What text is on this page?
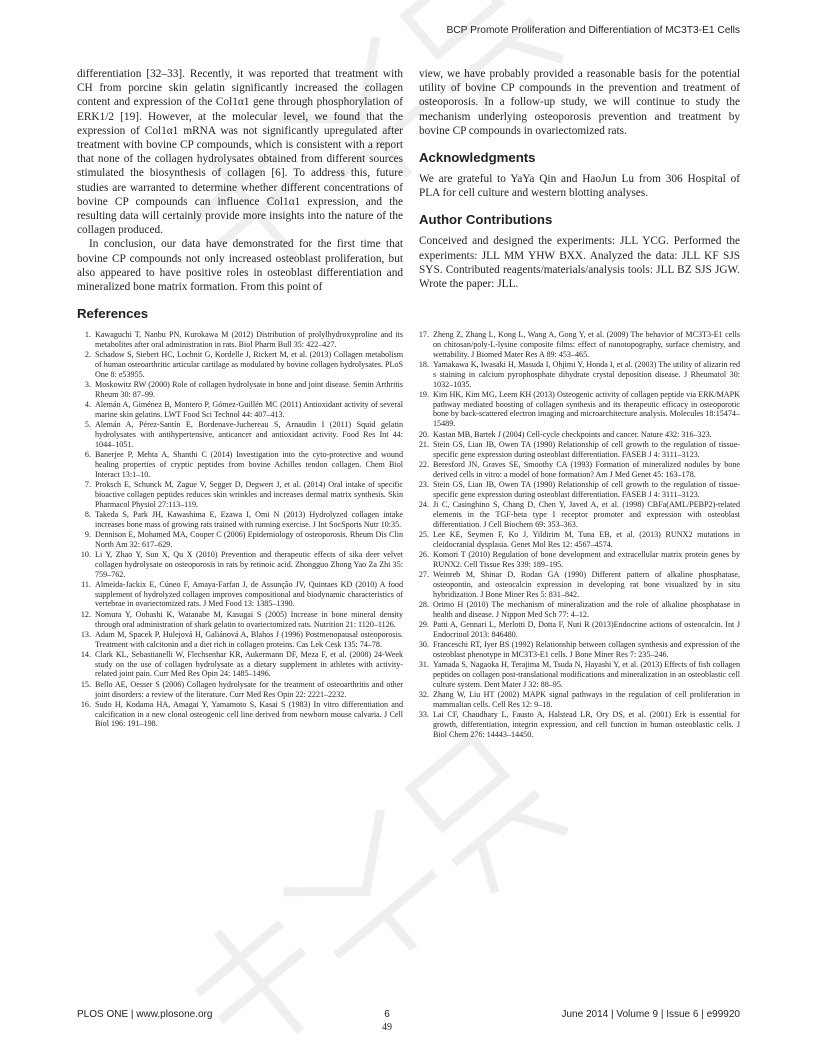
BCP Promote Proliferation and Differentiation of MC3T3-E1 Cells

differentiation [32–33]. Recently, it was reported that treatment with CH from porcine skin gelatin significantly increased the collagen content and expression of the Col1α1 gene through phosphorylation of ERK1/2 [19]. However, at the molecular level, we found that the expression of Col1α1 mRNA was not significantly upregulated after treatment with bovine CP compounds, which is consistent with a report that none of the collagen hydrolysates obtained from different sources stimulated the biosynthesis of collagen [6]. To address this, future studies are warranted to determine whether different concentrations of bovine CP compounds can influence Col1α1 expression, and the resulting data will certainly provide more insights into the nature of the collagen produced.

In conclusion, our data have demonstrated for the first time that bovine CP compounds not only increased osteoblast proliferation, but also appeared to have positive roles in osteoblast differentiation and mineralized bone matrix formation. From this point of

view, we have probably provided a reasonable basis for the potential utility of bovine CP compounds in the prevention and treatment of osteoporosis. In a follow-up study, we will continue to study the mechanism underlying osteoporosis prevention and treatment by bovine CP compounds in ovariectomized rats.

Acknowledgments

We are grateful to YaYa Qin and HaoJun Lu from 306 Hospital of PLA for cell culture and western blotting analyses.

Author Contributions

Conceived and designed the experiments: JLL YCG. Performed the experiments: JLL MM YHW BXX. Analyzed the data: JLL KF SJS SYS. Contributed reagents/materials/analysis tools: JLL BZ SJS JGW. Wrote the paper: JLL.

References
1. Kawaguchi T, Nanbu PN, Kurokawa M (2012) Distribution of prolylhydroxyproline and its metabolites after oral administration in rats. Biol Pharm Bull 35: 422–427.
2. Schadow S, Siebert HC, Lochnit G, Kordelle J, Rickert M, et al. (2013) Collagen metabolism of human osteoarthritic articular cartilage as modulated by bovine collagen hydrolysates. PLoS One 8: e53955.
3. Moskowitz RW (2000) Role of collagen hydrolysate in bone and joint disease. Semin Arthritis Rheum 30: 87–99.
4. Alemán A, Giménez B, Montero P, Gómez-Guillén MC (2011) Antioxidant activity of several marine skin gelatins. LWT Food Sci Technol 44: 407–413.
5. Alemán A, Pérez-Santín E, Bordenave-Juchereau S, Arnaudin I (2011) Squid gelatin hydrolysates with antihypertensive, anticancer and antioxidant activity. Food Res Int 44: 1044–1051.
6. Banerjee P, Mehta A, Shanthi C (2014) Investigation into the cyto-protective and wound healing properties of cryptic peptides from bovine Achilles tendon collagen. Chem Biol Interact 13:1–10.
7. Proksch E, Schunck M, Zague V, Segger D, Degwert J, et al. (2014) Oral intake of specific bioactive collagen peptides reduces skin wrinkles and increases dermal matrix synthesis. Skin Pharmacol Physiol 27:113–119.
8. Takeda S, Park JH, Kawashima E, Ezawa I, Omi N (2013) Hydrolyzed collagen intake increases bone mass of growing rats trained with running exercise. J Int SocSports Nutr 10:35.
9. Dennison E, Mohamed MA, Cooper C (2006) Epidemiology of osteoporosis. Rheum Dis Clin North Am 32: 617–629.
10. Li Y, Zhao Y, Sun X, Qu X (2010) Prevention and therapeutic effects of sika deer velvet collagen hydrolysate on osteoporosis in rats by retinoic acid. Zhongguo Zhong Yao Za Zhi 35: 759–762.
11. Almeida-Jackix E, Cúneo F, Amaya-Farfan J, de Assunção JV, Quintaes KD (2010) A food supplement of hydrolyzed collagen improves compositional and biodynamic characteristics of vertebrae in ovariectomized rats. J Med Food 13: 1385–1390.
12. Nomura Y, Oohashi K, Watanabe M, Kasugai S (2005) Increase in bone mineral density through oral administration of shark gelatin to ovariectomized rats. Nutrition 21: 1120–1126.
13. Adam M, Spacek P, Hulejová H, Galiánová A, Blahos J (1996) Postmenopausal osteoporosis. Treatment with calcitonin and a diet rich in collagen proteins. Cas Lek Cesk 135: 74–78.
14. Clark KL, Sebastianelli W, Flechsenhar KR, Aukermann DF, Meza F, et al. (2008) 24-Week study on the use of collagen hydrolysate as a dietary supplement in athletes with activity-related joint pain. Curr Med Res Opin 24: 1485–1496.
15. Bello AE, Oesser S (2006) Collagen hydrolysate for the treatment of osteoarthritis and other joint disorders: a review of the literature. Curr Med Res Opin 22: 2221–2232.
16. Sudo H, Kodama HA, Amagai Y, Yamamoto S, Kasai S (1983) In vitro differentiation and calcification in a new clonal osteogenic cell line derived from newborn mouse calvaria. J Cell Biol 196: 191–198.
17. Zheng Z, Zhang L, Kong L, Wang A, Gong Y, et al. (2009) The behavior of MC3T3-E1 cells on chitosan/poly-L-lysine composite films: effect of nanotopography, surface chemistry, and wettability. J Biomed Mater Res A 89: 453–465.
18. Yamakawa K, Iwasaki H, Masuda I, Ohjimi Y, Honda I, et al. (2003) The utility of alizarin red s staining in calcium pyrophosphate dihydrate crystal deposition disease. J Rheumatol 30: 1032–1035.
19. Kim HK, Kim MG, Leem KH (2013) Osteogenic activity of collagen peptide via ERK/MAPK pathway mediated boosting of collagen synthesis and its therapeutic efficacy in osteoporotic bone by back-scattered electron imaging and microarchitecture analysis. Molecules 18:15474– 15489.
20. Kastan MB, Bartek J (2004) Cell-cycle checkpoints and cancer. Nature 432: 316–323.
21. Stein GS, Lian JB, Owen TA (1990) Relationship of cell growth to the regulation of tissue-specific gene expression during osteoblast differentiation. FASEB J 4: 3111–3123.
22. Beresford JN, Graves SE, Smoothy CA (1993) Formation of mineralized nodules by bone derived cells in vitro: a model of bone formation? Am J Med Genet 45: 163–178.
23. Stein GS, Lian JB, Owen TA (1990) Relationship of cell growth to the regulation of tissue-specific gene expression during osteoblast differentiation. FASEB J 4: 3111–3123.
24. Ji C, Casinghino S, Chang D, Chen Y, Javed A, et al. (1998) CBFa(AML/PEBP2)-related elements in the TGF-beta type I receptor promoter and expression with osteoblast differentiation. J Cell Biochem 69: 353–363.
25. Lee KE, Seymen F, Ko J, Yildirim M, Tuna EB, et al. (2013) RUNX2 mutations in cleidocranial dysplasia. Genet Mol Res 12: 4567–4574.
26. Komori T (2010) Regulation of bone development and extracellular matrix protein genes by RUNX2. Cell Tissue Res 339: 189–195.
27. Weinreb M, Shinar D, Rodan GA (1990) Different pattern of alkaline phosphatase, osteopontin, and osteocalcin expression in developing rat bone visualized by in situ hybridization. J Bone Miner Res 5: 831–842.
28. Orimo H (2010) The mechanism of mineralization and the role of alkaline phosphatase in health and disease. J Nippon Med Sch 77: 4–12.
29. Patti A, Gennari L, Merlotti D, Dotta F, Nuti R (2013)Endocrine actions of osteocalcin. Int J Endocrinol 2013: 846480.
30. Franceschi RT, Iyer BS (1992) Relationship between collagen synthesis and expression of the osteoblast phenotype in MC3T3-E1 cells. J Bone Miner Res 7: 235–246.
31. Yamada S, Nagaoka H, Terajima M, Tsuda N, Hayashi Y, et al. (2013) Effects of fish collagen peptides on collagen post-translational modifications and mineralization in an osteoblastic cell culture system. Dent Mater J 32: 88–95.
32. Zhang W, Liu HT (2002) MAPK signal pathways in the regulation of cell proliferation in mammalian cells. Cell Res 12: 9–18.
33. Lai CF, Chaudhary L, Fausto A, Halstead LR, Ory DS, et al. (2001) Erk is essential for growth, differentiation, integrin expression, and cell function in human osteoblastic cells. J Biol Chem 276: 14443–14450.
PLOS ONE | www.plosone.org	6
49
June 2014 | Volume 9 | Issue 6 | e99920
